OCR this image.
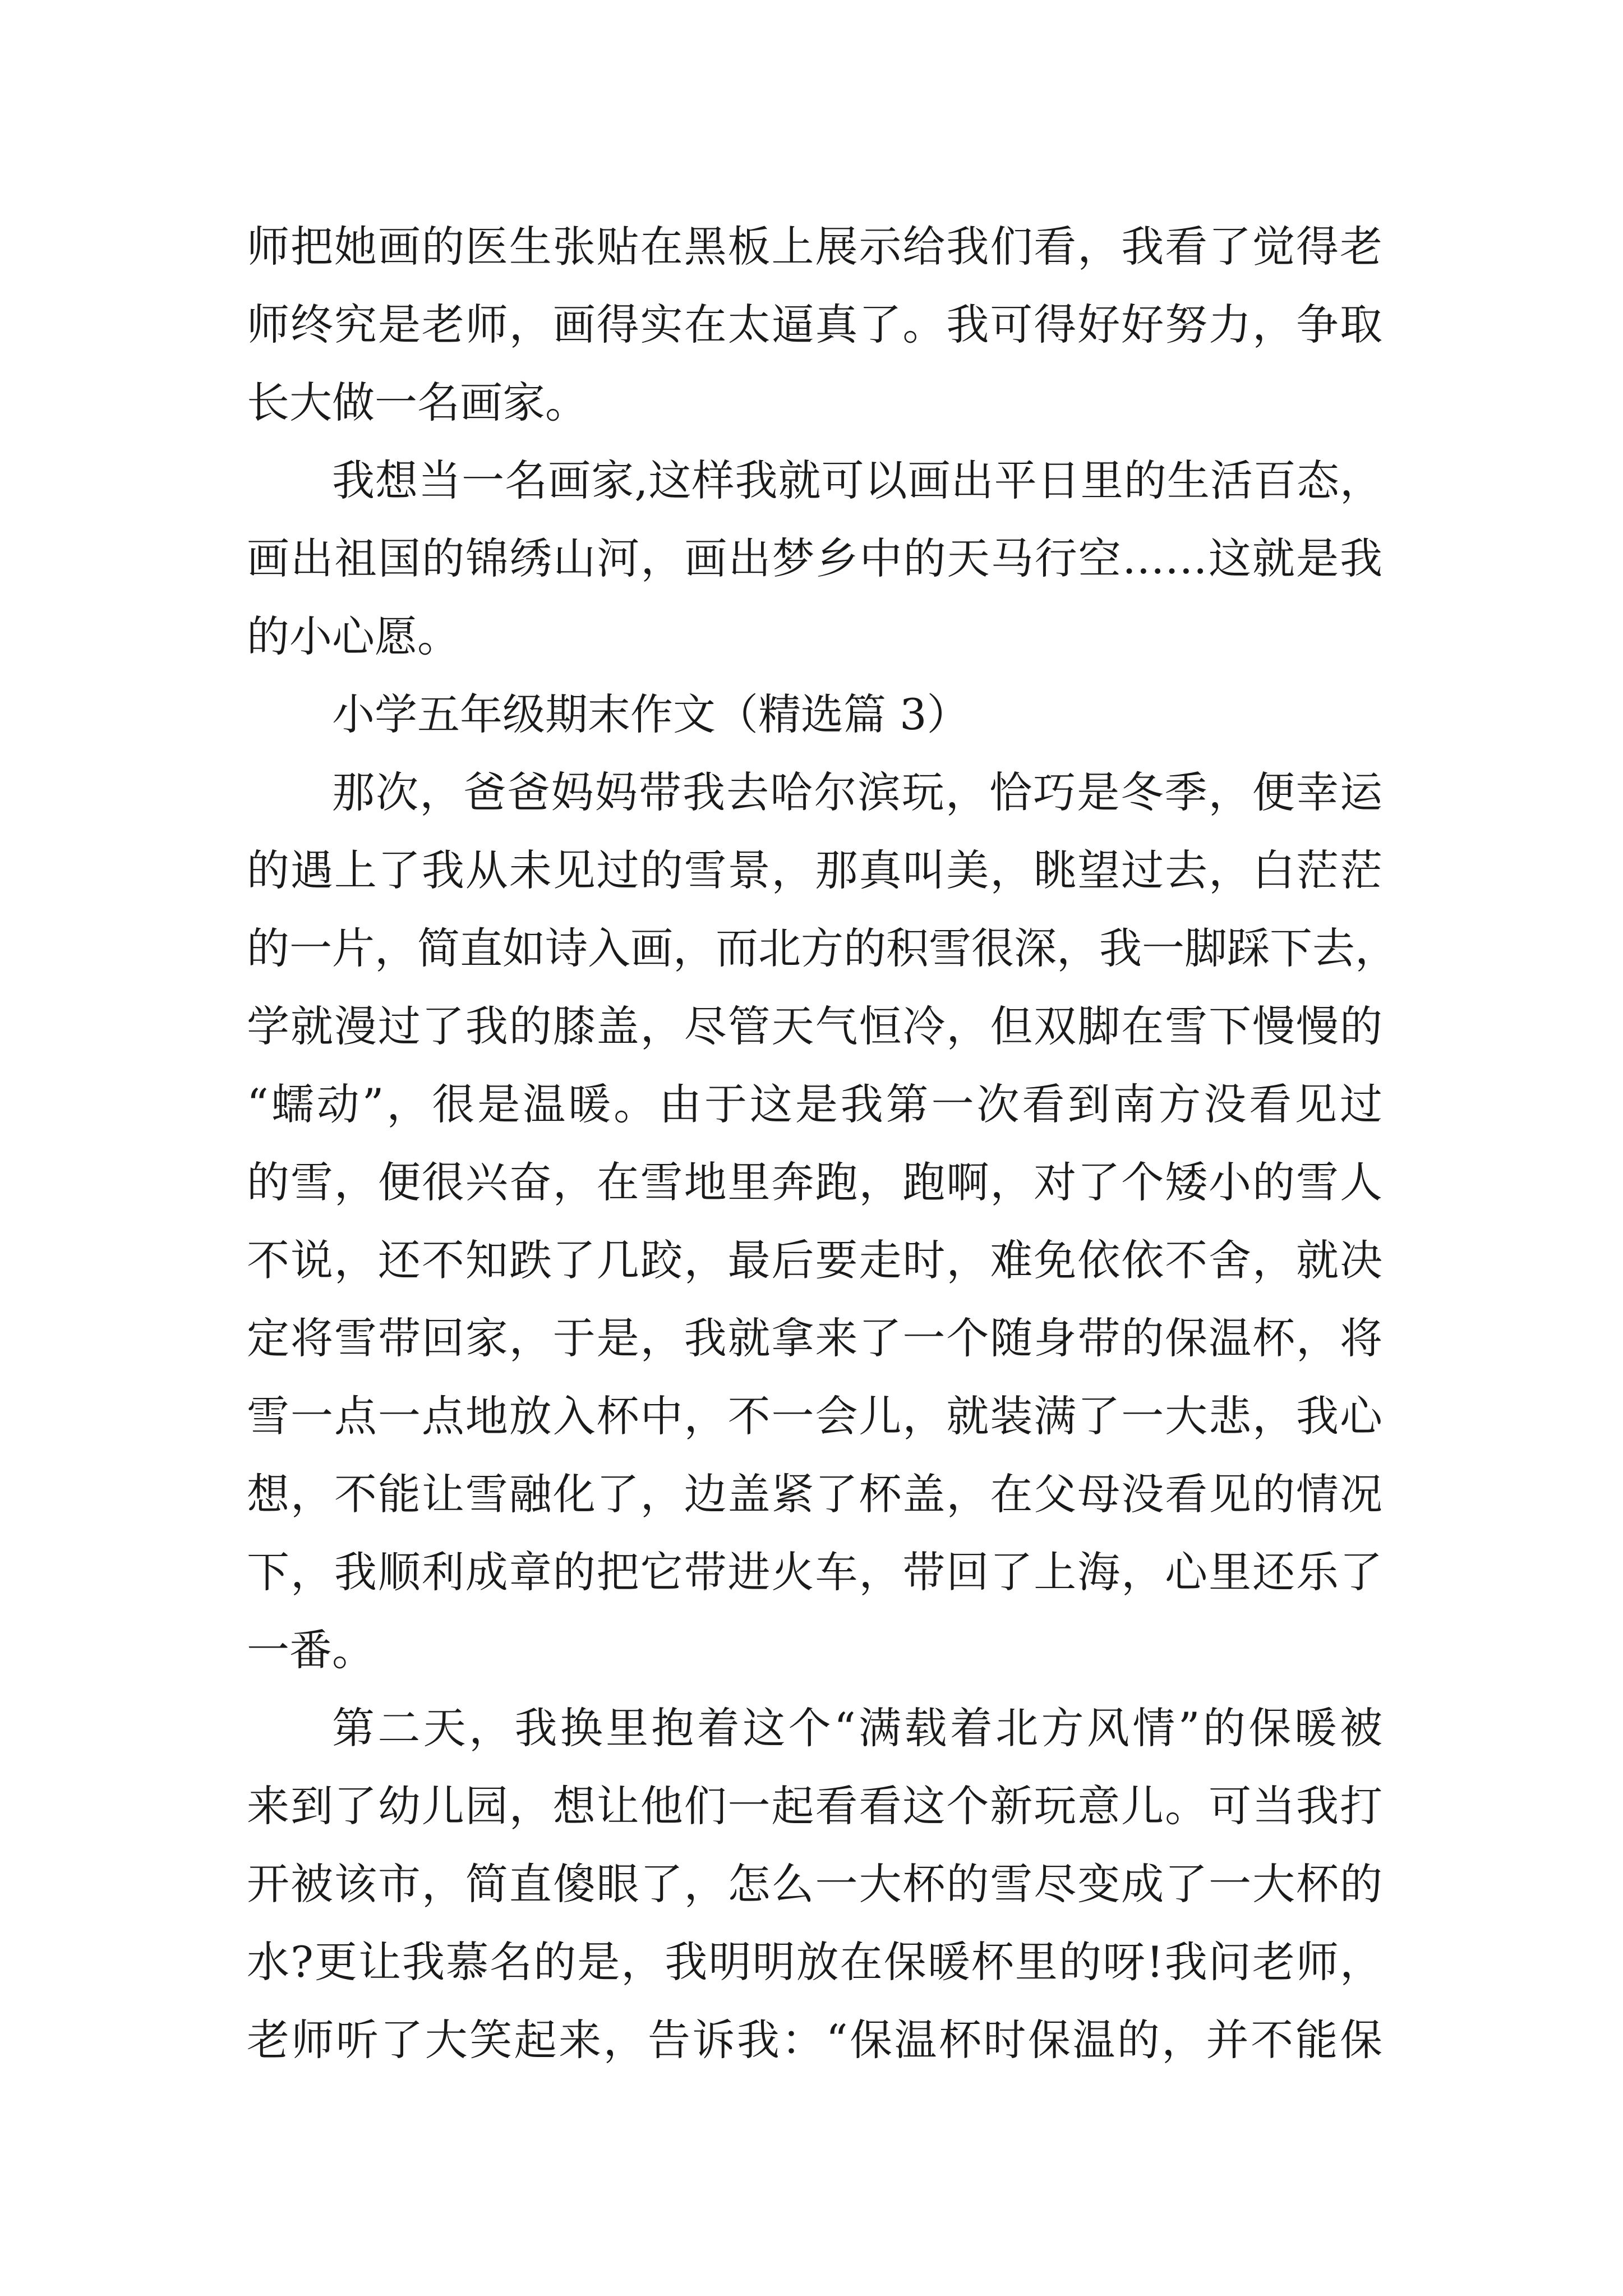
师把她画的医生张贴在黑板上展示给我们看，我看了觉得老
师终究是老师，画得实在太逼真了。我可得好好努力，争取
长大做一名画家。
我想当一名画家,这样我就可以画出平日里的生活百态，
画出祖国的锦绣山河，画出梦乡中的天马行空……这就是我
的小心愿。
小学五年级期末作文（精选篇 3）
那次，爸爸妈妈带我去哈尔滨玩，恰巧是冬季，便幸运
的遇上了我从未见过的雪景，那真叫美，眺望过去，白茫茫
的一片，简直如诗入画，而北方的积雪很深，我一脚踩下去，
学就漫过了我的膝盖，尽管天气恒冷，但双脚在雪下慢慢的
“蠕动”，很是温暖。由于这是我第一次看到南方没看见过
的雪，便很兴奋，在雪地里奔跑，跑啊，对了个矮小的雪人
不说，还不知跌了几跤，最后要走时，难免依依不舍，就决
定将雪带回家，于是，我就拿来了一个随身带的保温杯，将
雪一点一点地放入杯中，不一会儿，就装满了一大悲，我心
想，不能让雪融化了，边盖紧了杯盖，在父母没看见的情况
下，我顺利成章的把它带进火车，带回了上海，心里还乐了
一番。
第二天，我换里抱着这个“满载着北方风情”的保暖被
来到了幼儿园，想让他们一起看看这个新玩意儿。可当我打
开被该市，简直傻眼了，怎么一大杯的雪尽变成了一大杯的
水?更让我慕名的是，我明明放在保暖杯里的呀!我问老师，
老师听了大笑起来，告诉我：“保温杯时保温的，并不能保
